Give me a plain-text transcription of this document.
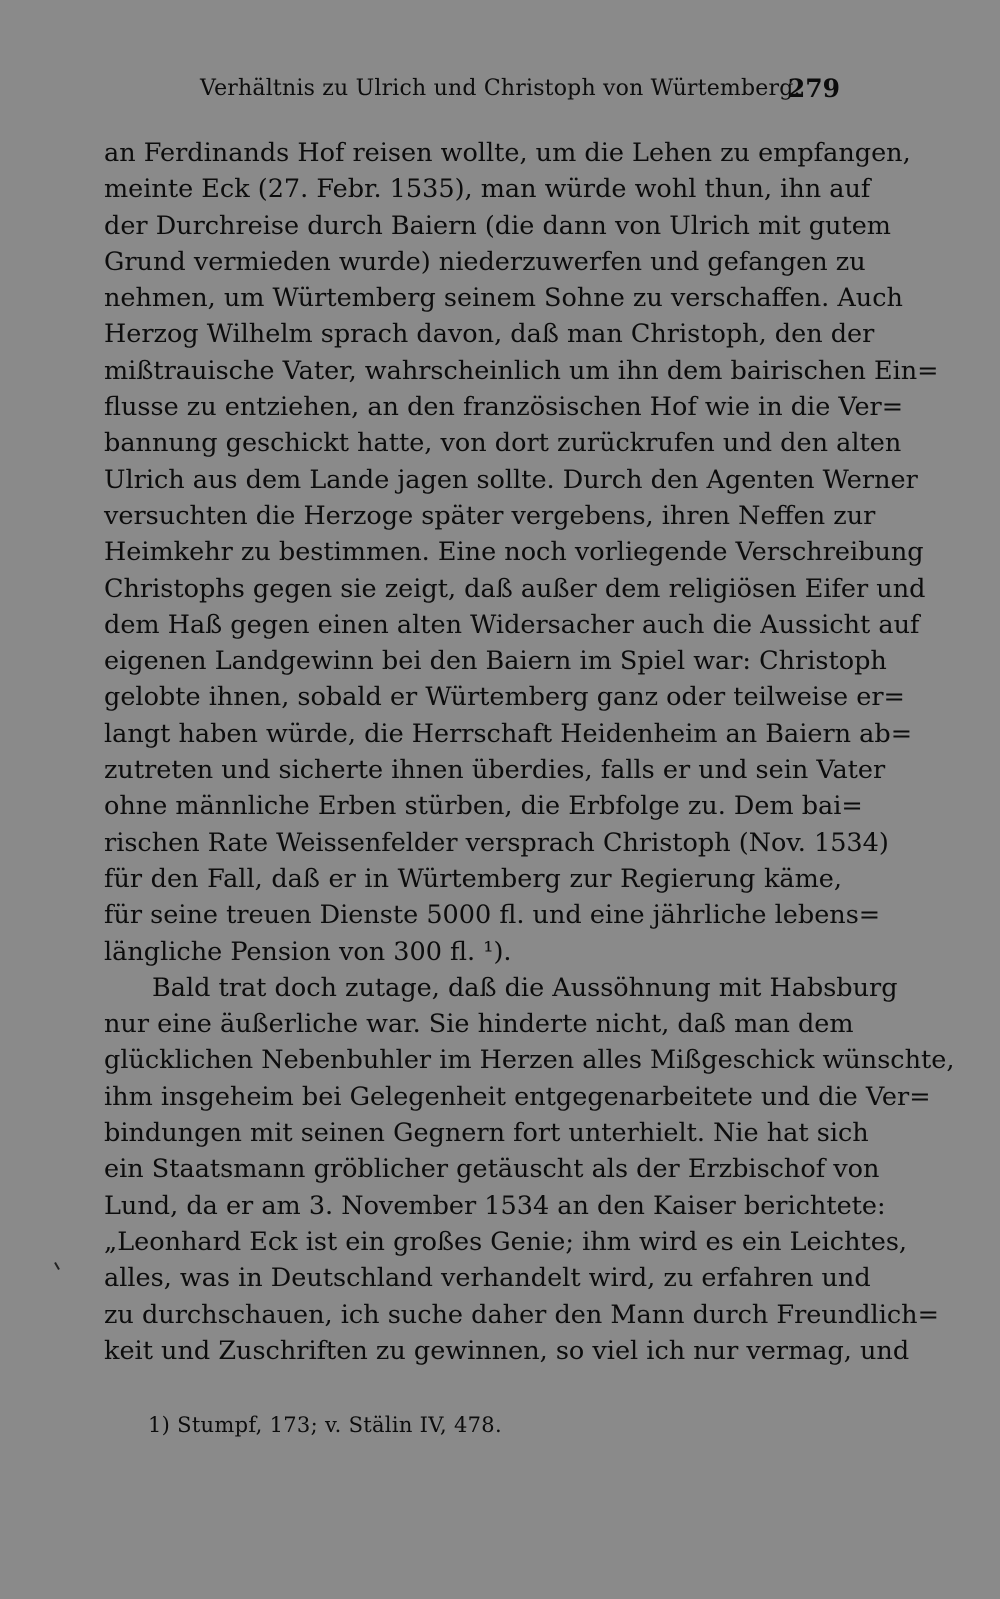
Verhältnis zu Ulrich und Christoph von Würtemberg.
279
an Ferdinands Hof reisen wollte, um die Lehen zu empfangen,
meinte Eck (27. Febr. 1535), man würde wohl thun, ihn auf
der Durchreise durch Baiern (die dann von Ulrich mit gutem
Grund vermieden wurde) niederzuwerfen und gefangen zu
nehmen, um Würtemberg seinem Sohne zu verschaffen. Auch
Herzog Wilhelm sprach davon, daß man Christoph, den der
mißtrauische Vater, wahrscheinlich um ihn dem bairischen Ein=
flusse zu entziehen, an den französischen Hof wie in die Ver=
bannung geschickt hatte, von dort zurückrufen und den alten
Ulrich aus dem Lande jagen sollte. Durch den Agenten Werner
versuchten die Herzoge später vergebens, ihren Neffen zur
Heimkehr zu bestimmen. Eine noch vorliegende Verschreibung
Christophs gegen sie zeigt, daß außer dem religiösen Eifer und
dem Haß gegen einen alten Widersacher auch die Aussicht auf
eigenen Landgewinn bei den Baiern im Spiel war: Christoph
gelobte ihnen, sobald er Würtemberg ganz oder teilweise er=
langt haben würde, die Herrschaft Heidenheim an Baiern ab=
zutreten und sicherte ihnen überdies, falls er und sein Vater
ohne männliche Erben stürben, die Erbfolge zu. Dem bai=
rischen Rate Weissenfelder versprach Christoph (Nov. 1534)
für den Fall, daß er in Würtemberg zur Regierung käme,
für seine treuen Dienste 5000 fl. und eine jährliche lebens=
längliche Pension von 300 fl. ¹).
Bald trat doch zutage, daß die Aussöhnung mit Habsburg
nur eine äußerliche war. Sie hinderte nicht, daß man dem
glücklichen Nebenbuhler im Herzen alles Mißgeschick wünschte,
ihm insgeheim bei Gelegenheit entgegenarbeitete und die Ver=
bindungen mit seinen Gegnern fort unterhielt. Nie hat sich
ein Staatsmann gröblicher getäuscht als der Erzbischof von
Lund, da er am 3. November 1534 an den Kaiser berichtete:
„Leonhard Eck ist ein großes Genie; ihm wird es ein Leichtes,
alles, was in Deutschland verhandelt wird, zu erfahren und
zu durchschauen, ich suche daher den Mann durch Freundlich=
keit und Zuschriften zu gewinnen, so viel ich nur vermag, und
1) Stumpf, 173; v. Stälin IV, 478.
